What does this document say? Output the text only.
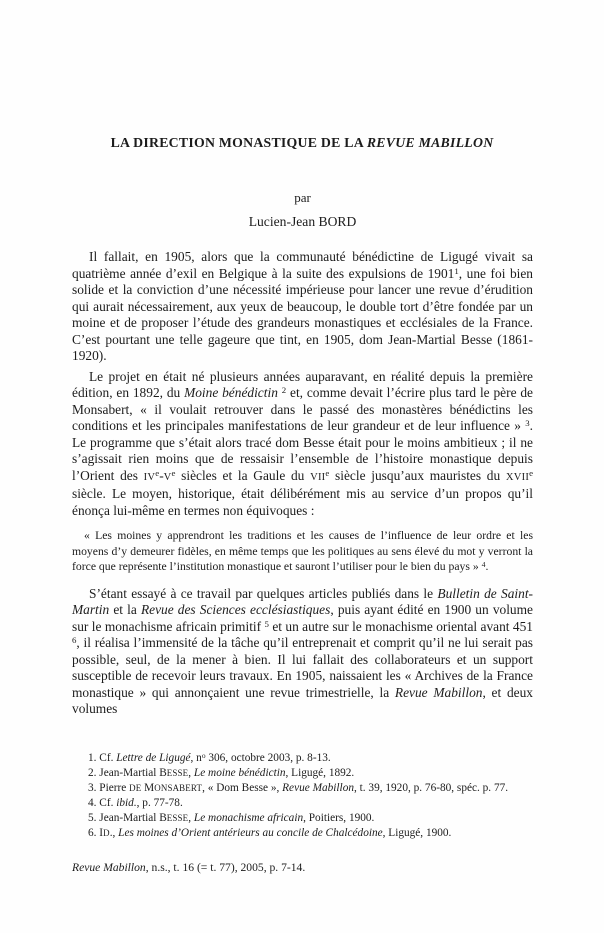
LA DIRECTION MONASTIQUE DE LA REVUE MABILLON
par
Lucien-Jean BORD

Il fallait, en 1905, alors que la communauté bénédictine de Ligugé vivait sa quatrième année d’exil en Belgique à la suite des expulsions de 1901$^1$, une foi bien solide et la conviction d’une nécessité impérieuse pour lancer une revue d’érudition qui aurait nécessairement, aux yeux de beaucoup, le double tort d’être fondée par un moine et de proposer l’étude des grandeurs monastiques et ecclésiales de la France. C’est pourtant une telle gageure que tint, en 1905, dom Jean-Martial Besse (1861-1920).

Le projet en était né plusieurs années auparavant, en réalité depuis la première édition, en 1892, du Moine bénédictin $^2$ et, comme devait l’écrire plus tard le père de Monsabert, « il voulait retrouver dans le passé des monastères bénédictins les conditions et les principales manifestations de leur grandeur et de leur influence » $^3$. Le programme que s’était alors tracé dom Besse était pour le moins ambitieux ; il ne s’agissait rien moins que de ressaisir l’ensemble de l’histoire monastique depuis l’Orient des IVe-Ve siècles et la Gaule du VIIe siècle jusqu’aux mauristes du XVIIe siècle. Le moyen, historique, était délibérément mis au service d’un propos qu’il énonça lui-même en termes non équivoques :

« Les moines y apprendront les traditions et les causes de l’influence de leur ordre et les moyens d’y demeurer fidèles, en même temps que les politiques au sens élevé du mot y verront la force que représente l’institution monastique et sauront l’utiliser pour le bien du pays » $^4$.

S’étant essayé à ce travail par quelques articles publiés dans le Bulletin de Saint-Martin et la Revue des Sciences ecclésiastiques, puis ayant édité en 1900 un volume sur le monachisme africain primitif $^5$ et un autre sur le monachisme oriental avant 451 $^6$, il réalisa l’immensité de la tâche qu’il entreprenait et comprit qu’il ne lui serait pas possible, seul, de la mener à bien. Il lui fallait des collaborateurs et un support susceptible de recevoir leurs travaux. En 1905, naissaient les « Archives de la France monastique » qui annonçaient une revue trimestrielle, la Revue Mabillon, et deux volumes

1. Cf. Lettre de Ligugé, $n^o$ 306, octobre 2003, p. 8-13.
2. Jean-Martial BESSE, Le moine bénédictin, Ligugé, 1892.
3. Pierre DE MONSABERT, « Dom Besse », Revue Mabillon, t. 39, 1920, p. 76-80, spéc. p. 77.
4. Cf. ibid., p. 77-78.
5. Jean-Martial BESSE, Le monachisme africain, Poitiers, 1900.
6. ID., Les moines d’Orient antérieurs au concile de Chalcédoine, Ligugé, 1900.
Revue Mabillon, n.s., t. 16 (= t. 77), 2005, p. 7-14.
